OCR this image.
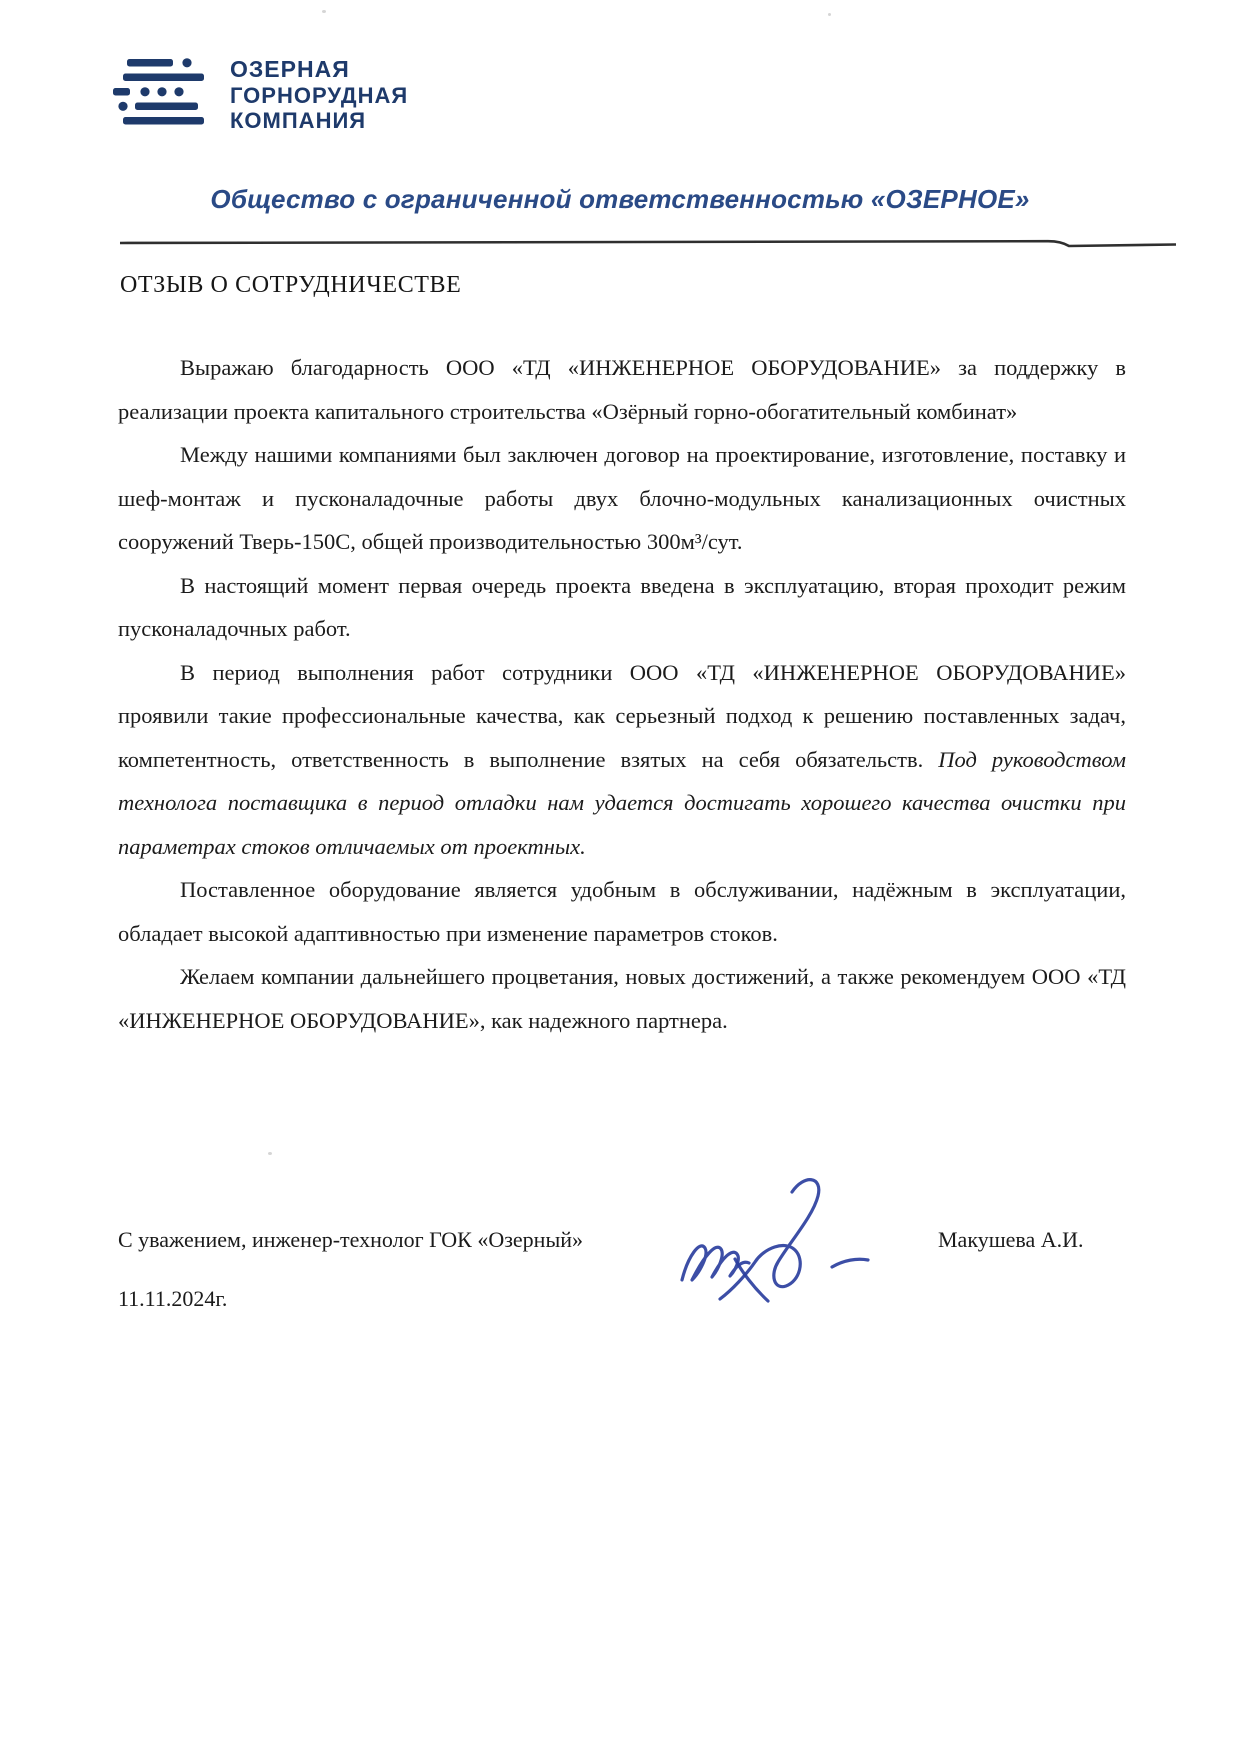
ОЗЕРНАЯ
ГОРНОРУДНАЯ
КОМПАНИЯ
Общество с ограниченной ответственностью «ОЗЕРНОЕ»
ОТЗЫВ О СОТРУДНИЧЕСТВЕ

Выражаю благодарность ООО «ТД «ИНЖЕНЕРНОЕ ОБОРУДОВАНИЕ» за поддержку в реализации проекта капитального строительства «Озёрный горно-обогатительный комбинат»

Между нашими компаниями был заключен договор на проектирование, изготовление, поставку и шеф-монтаж и пусконаладочные работы двух блочно-модульных канализационных очистных сооружений Тверь-150С, общей производительностью 300м³/сут.

В настоящий момент первая очередь проекта введена в эксплуатацию, вторая проходит режим пусконаладочных работ.

В период выполнения работ сотрудники ООО «ТД «ИНЖЕНЕРНОЕ ОБОРУДОВАНИЕ» проявили такие профессиональные качества, как серьезный подход к решению поставленных задач, компетентность, ответственность в выполнение взятых на себя обязательств. Под руководством технолога поставщика в период отладки нам удается достигать хорошего качества очистки при параметрах стоков отличаемых от проектных.

Поставленное оборудование является удобным в обслуживании, надёжным в эксплуатации, обладает высокой адаптивностью при изменение параметров стоков.

Желаем компании дальнейшего процветания, новых достижений, а также рекомендуем ООО «ТД «ИНЖЕНЕРНОЕ ОБОРУДОВАНИЕ», как надежного партнера.

С уважением, инженер-технолог ГОК «Озерный»	Макушева А.И.
11.11.2024г.
